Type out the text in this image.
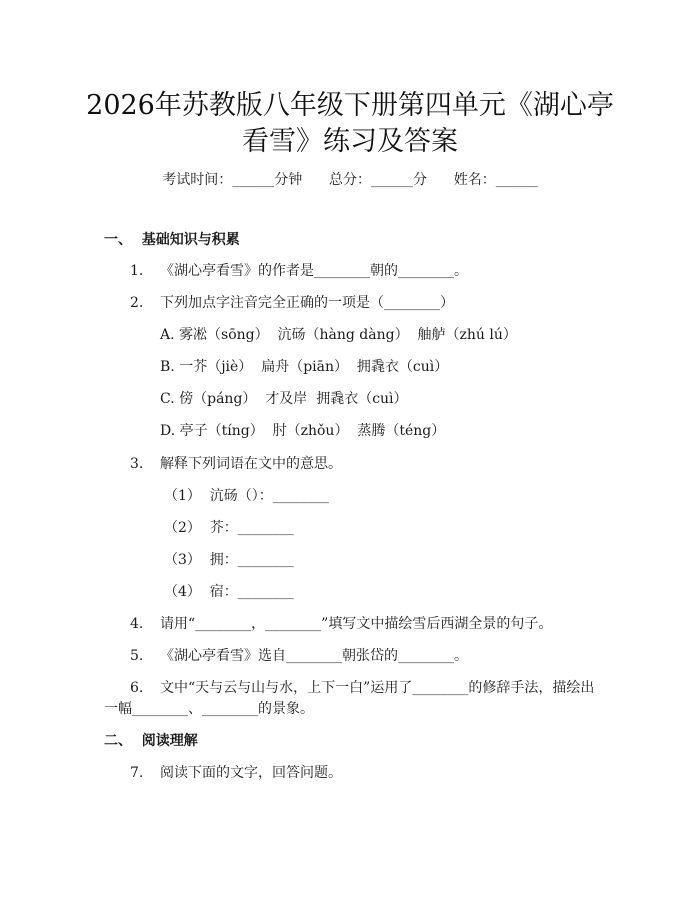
2026年苏教版八年级下册第四单元《湖心亭
看雪》练习及答案
考试时间：______分钟      总分：______分      姓名：______
一、  基础知识与积累
1. 《湖心亭看雪》的作者是________朝的________。
2. 下列加点字注音完全正确的一项是（________）
A. 雾凇（sōng）  沆砀（hàng dàng）  舳舻（zhú lú）
B. 一芥（jiè）  扁舟（piān）  拥毳衣（cuì）
C. 傍（páng）  才及岸  拥毳衣（cuì）
D. 亭子（tíng）  肘（zhǒu）  蒸腾（téng）
3. 解释下列词语在文中的意思。
（1）  沆砀（）：________
（2）  芥：________
（3）  拥：________
（4）  宿：________
4. 请用“________，________”填写文中描绘雪后西湖全景的句子。
5. 《湖心亭看雪》选自________朝张岱的________。
6. 文中“天与云与山与水，上下一白”运用了________的修辞手法，描绘出
一幅________、________的景象。
二、  阅读理解
7. 阅读下面的文字，回答问题。
